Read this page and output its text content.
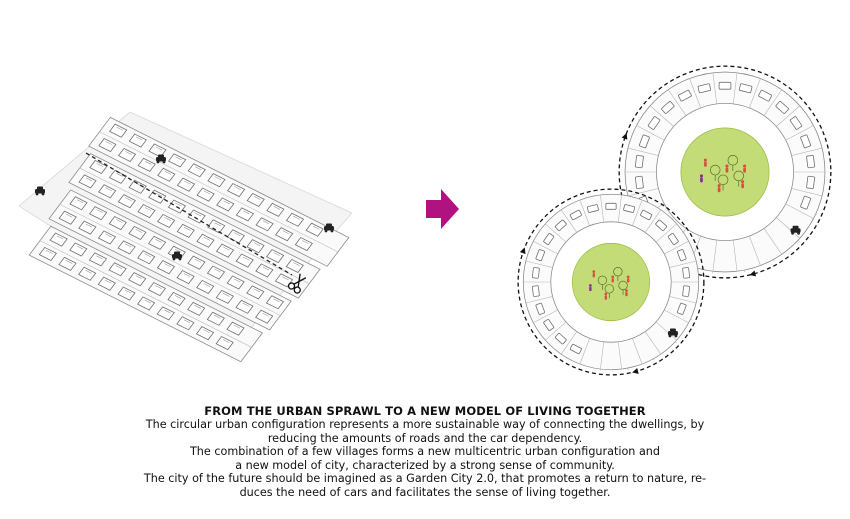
FROM THE URBAN SPRAWL TO A NEW MODEL OF LIVING TOGETHER
The circular urban configuration represents a more sustainable way of connecting the dwellings, by
reducing the amounts of roads and the car dependency.
The combination of a few villages forms a new multicentric urban configuration and
a new model of city, characterized by a strong sense of community.
The city of the future should be imagined as a Garden City 2.0, that promotes a return to nature, re-
duces the need of cars and facilitates the sense of living together.
